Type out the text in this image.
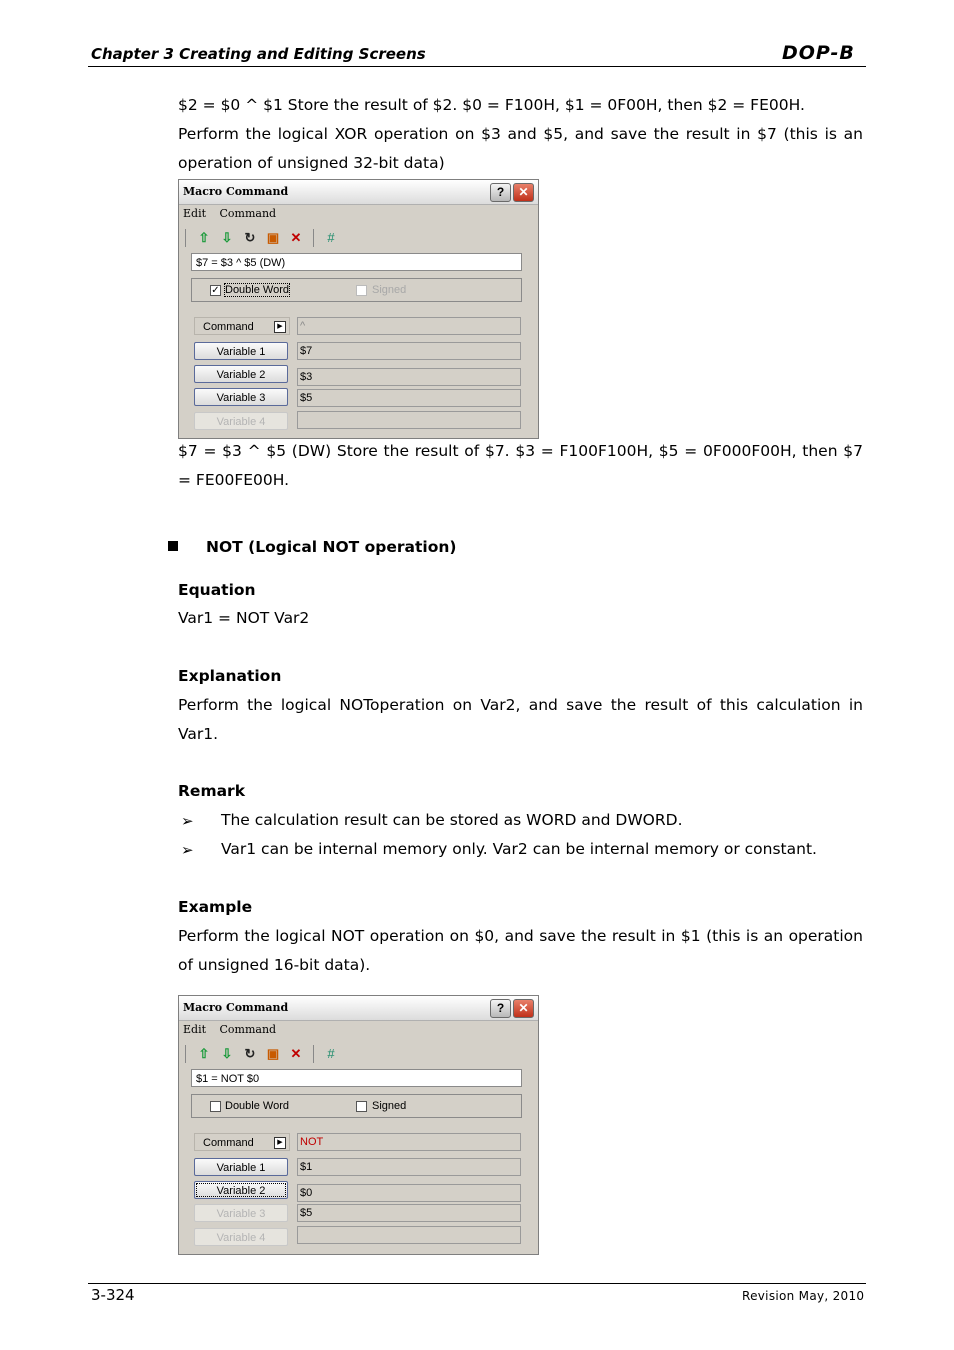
Chapter 3 Creating and Editing Screens	DOP-B
$2 = $0 ^ $1 Store the result of $2. $0 = F100H, $1 = 0F00H, then $2 = FE00H.
Perform the logical XOR operation on $3 and $5, and save the result in $7 (this is an
operation of unsigned 32-bit data)
Macro Command	?	✕
Edit Command
⇧ ⇩ ↻ ▣ ✕	#
$7 = $3 ^ $5 (DW)
✓ Double Word	Signed
Command	▶	^
Variable 1	$7
Variable 2	$3
Variable 3	$5
Variable 4
$7 = $3 ^ $5 (DW) Store the result of $7. $3 = F100F100H, $5 = 0F000F00H, then $7
= FE00FE00H.
NOT (Logical NOT operation)
Equation
Var1 = NOT Var2
Explanation
Perform the logical NOToperation on Var2, and save the result of this calculation in Var1.
Remark
➢ The calculation result can be stored as WORD and DWORD.
➢ Var1 can be internal memory only. Var2 can be internal memory or constant.
Example
Perform the logical NOT operation on $0, and save the result in $1 (this is an operation of unsigned 16-bit data).
Macro Command	?	✕
Edit Command
⇧ ⇩ ↻ ▣ ✕	#
$1 = NOT $0
Double Word	Signed
Command	▶	NOT
Variable 1	$1
Variable 2	$0
Variable 3	$5
Variable 4
3-324	Revision May, 2010
